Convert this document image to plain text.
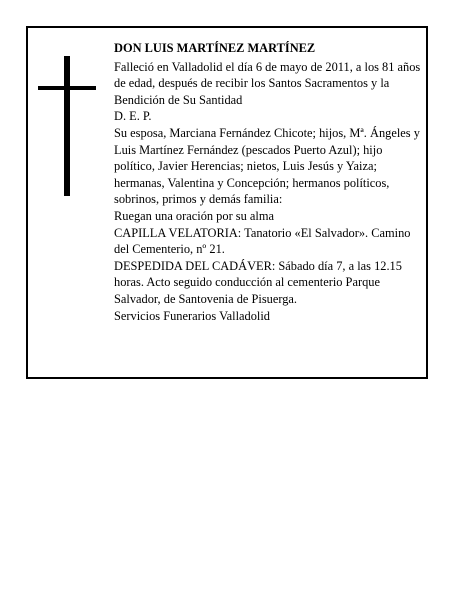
DON LUIS MARTÍNEZ MARTÍNEZ

Falleció en Valladolid el día 6 de mayo de 2011, a los 81 años de edad, después de recibir los Santos Sacramentos y la Bendición de Su Santidad

D. E. P.

Su esposa, Marciana Fernández Chicote; hijos, Mª. Ángeles y Luis Martínez Fernández (pescados Puerto Azul); hijo político, Javier Herencias; nietos, Luis Jesús y Yaiza; hermanas, Valentina y Concepción; hermanos políticos, sobrinos, primos y demás familia:

Ruegan una oración por su alma

CAPILLA VELATORIA: Tanatorio «El Salvador». Camino del Cementerio, nº 21.

DESPEDIDA DEL CADÁVER: Sábado día 7, a las 12.15 horas. Acto seguido conducción al cementerio Parque Salvador, de Santovenia de Pisuerga.

Servicios Funerarios Valladolid
